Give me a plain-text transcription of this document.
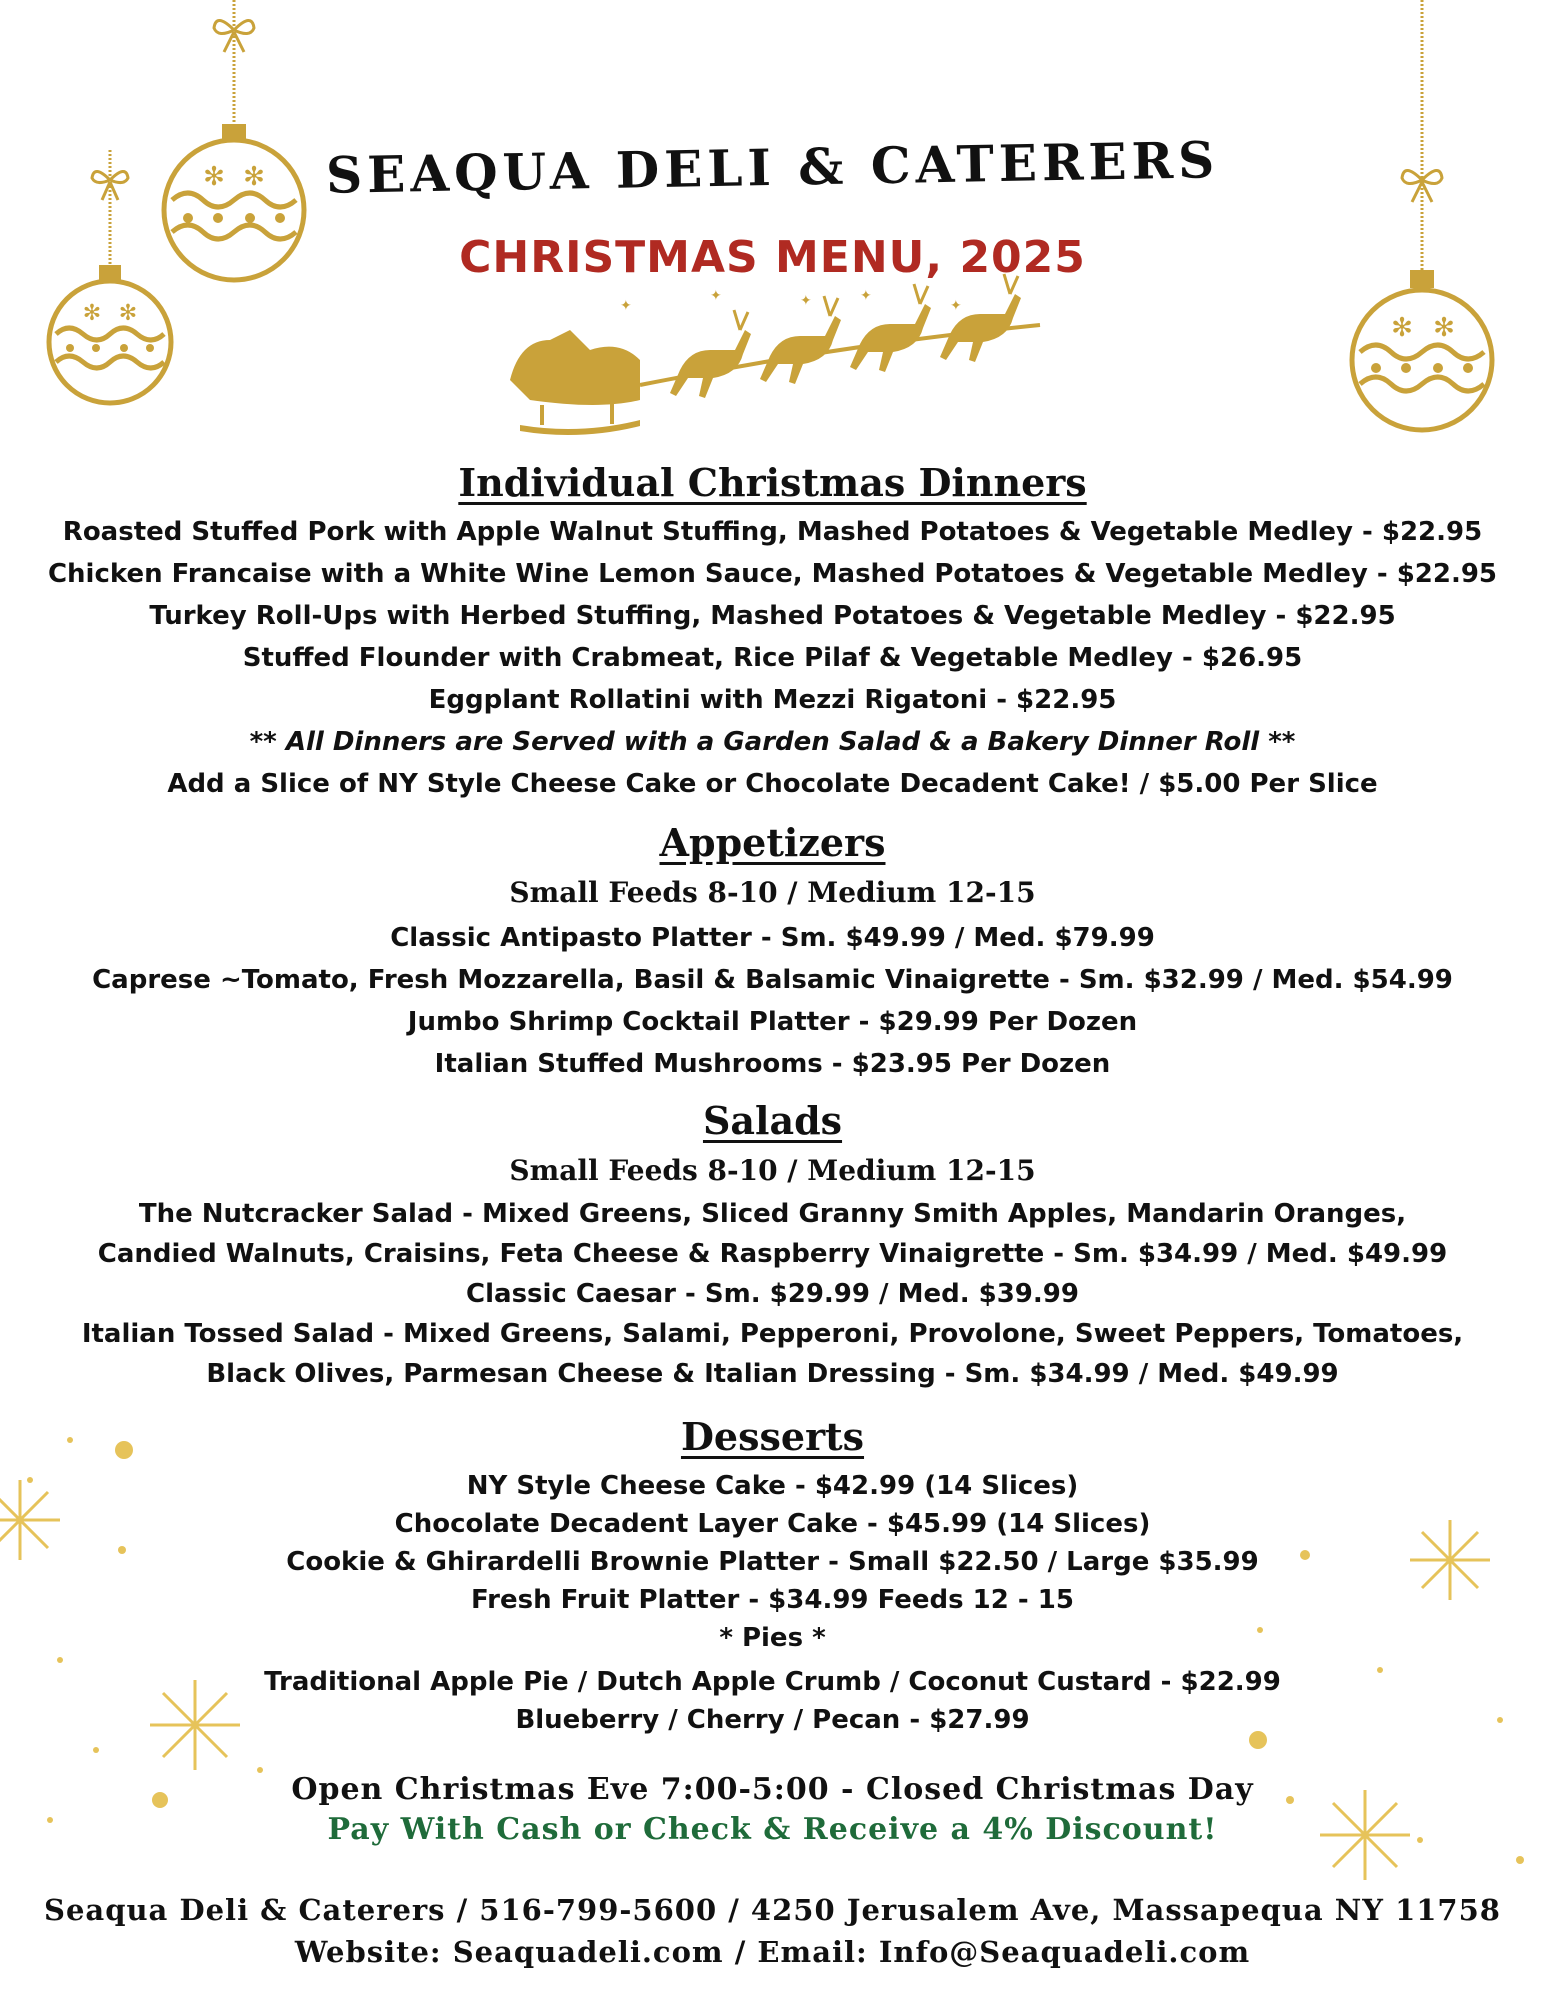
✻ ✻
✻ ✻	✻ ✻
✦
✦	✦	✦
✦
SEAQUA DELI & CATERERS
CHRISTMAS MENU, 2025
Individual Christmas Dinners
Roasted Stuffed Pork with Apple Walnut Stuffing, Mashed Potatoes & Vegetable Medley - $22.95
Chicken Francaise with a White Wine Lemon Sauce, Mashed Potatoes & Vegetable Medley - $22.95
Turkey Roll-Ups with Herbed Stuffing, Mashed Potatoes & Vegetable Medley - $22.95
Stuffed Flounder with Crabmeat, Rice Pilaf & Vegetable Medley - $26.95
Eggplant Rollatini with Mezzi Rigatoni - $22.95
** All Dinners are Served with a Garden Salad & a Bakery Dinner Roll **
Add a Slice of NY Style Cheese Cake or Chocolate Decadent Cake! / $5.00 Per Slice
Appetizers
Small Feeds 8-10 / Medium 12-15
Classic Antipasto Platter - Sm. $49.99 / Med. $79.99
Caprese ~Tomato, Fresh Mozzarella, Basil & Balsamic Vinaigrette - Sm. $32.99 / Med. $54.99
Jumbo Shrimp Cocktail Platter - $29.99 Per Dozen
Italian Stuffed Mushrooms - $23.95 Per Dozen
Salads
Small Feeds 8-10 / Medium 12-15
The Nutcracker Salad - Mixed Greens, Sliced Granny Smith Apples, Mandarin Oranges,
Candied Walnuts, Craisins, Feta Cheese & Raspberry Vinaigrette - Sm. $34.99 / Med. $49.99
Classic Caesar - Sm. $29.99 / Med. $39.99
Italian Tossed Salad - Mixed Greens, Salami, Pepperoni, Provolone, Sweet Peppers, Tomatoes,
Black Olives, Parmesan Cheese & Italian Dressing - Sm. $34.99 / Med. $49.99
Desserts
NY Style Cheese Cake - $42.99 (14 Slices)
Chocolate Decadent Layer Cake - $45.99 (14 Slices)
Cookie & Ghirardelli Brownie Platter - Small $22.50 / Large $35.99
Fresh Fruit Platter - $34.99 Feeds 12 - 15
* Pies *
Traditional Apple Pie / Dutch Apple Crumb / Coconut Custard - $22.99
Blueberry / Cherry / Pecan - $27.99
Open Christmas Eve 7:00-5:00 - Closed Christmas Day
Pay With Cash or Check & Receive a 4% Discount!
Seaqua Deli & Caterers / 516-799-5600 / 4250 Jerusalem Ave, Massapequa NY 11758
Website: Seaquadeli.com / Email: Info@Seaquadeli.com
